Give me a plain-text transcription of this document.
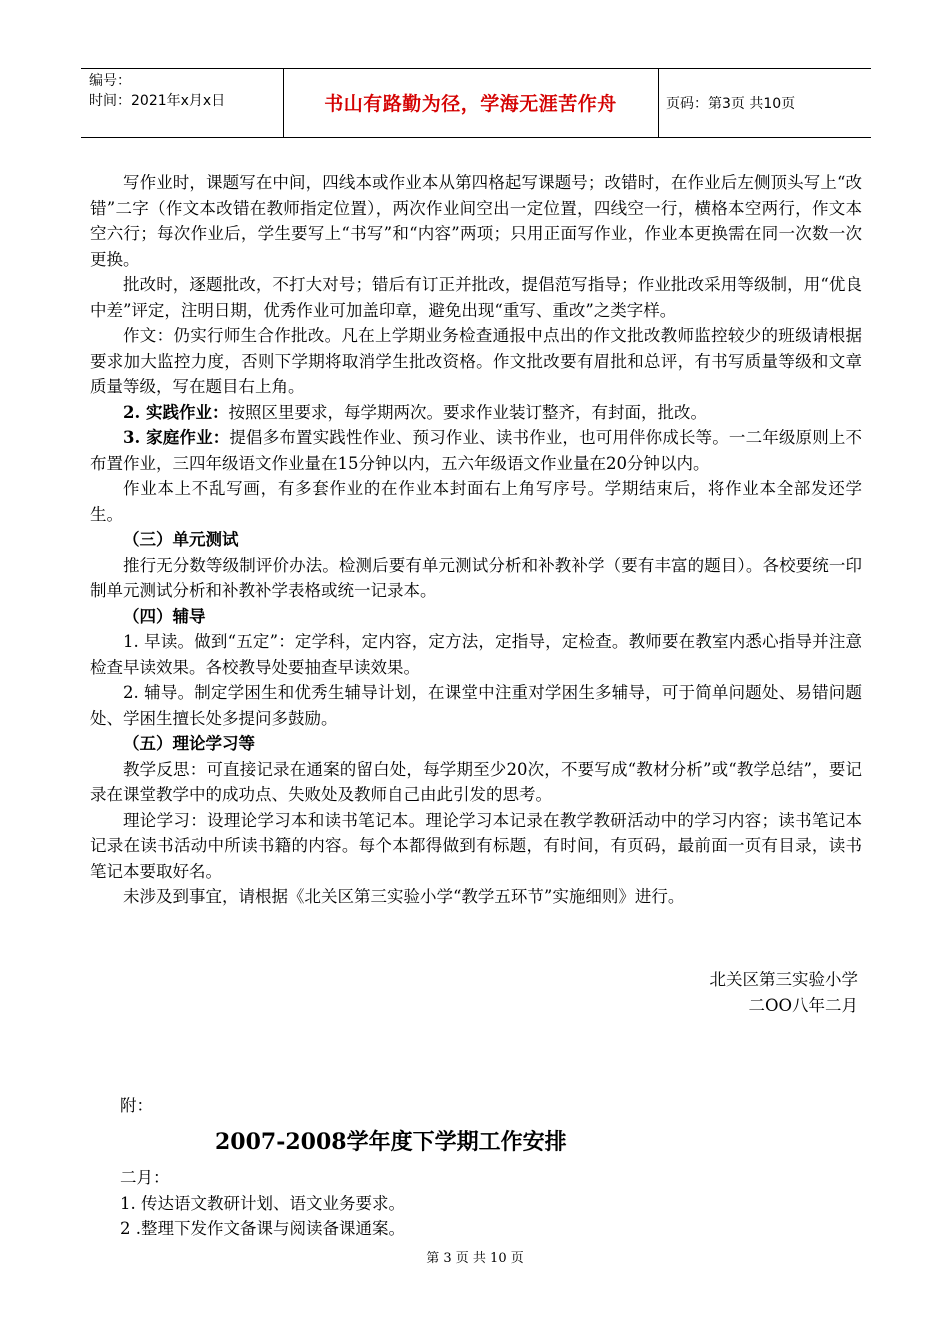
编号：
时间：2021年x月x日	书山有路勤为径，学海无涯苦作舟	页码：第3页 共10页

写作业时，课题写在中间，四线本或作业本从第四格起写课题号；改错时，在作业后左侧顶头写上“改错”二字（作文本改错在教师指定位置），两次作业间空出一定位置，四线空一行，横格本空两行，作文本空六行；每次作业后，学生要写上“书写”和“内容”两项；只用正面写作业，作业本更换需在同一次数一次更换。

批改时，逐题批改，不打大对号；错后有订正并批改，提倡范写指导；作业批改采用等级制，用“优良中差”评定，注明日期，优秀作业可加盖印章，避免出现“重写、重改”之类字样。

作文：仍实行师生合作批改。凡在上学期业务检查通报中点出的作文批改教师监控较少的班级请根据要求加大监控力度，否则下学期将取消学生批改资格。作文批改要有眉批和总评，有书写质量等级和文章质量等级，写在题目右上角。

2. 实践作业：按照区里要求，每学期两次。要求作业装订整齐，有封面，批改。

3. 家庭作业：提倡多布置实践性作业、预习作业、读书作业，也可用伴你成长等。一二年级原则上不布置作业，三四年级语文作业量在15分钟以内，五六年级语文作业量在20分钟以内。

作业本上不乱写画，有多套作业的在作业本封面右上角写序号。学期结束后，将作业本全部发还学生。

（三）单元测试

推行无分数等级制评价办法。检测后要有单元测试分析和补教补学（要有丰富的题目）。各校要统一印制单元测试分析和补教补学表格或统一记录本。

（四）辅导

1. 早读。做到“五定”：定学科，定内容，定方法，定指导，定检查。教师要在教室内悉心指导并注意检查早读效果。各校教导处要抽查早读效果。

2. 辅导。制定学困生和优秀生辅导计划，在课堂中注重对学困生多辅导，可于简单问题处、易错问题处、学困生擅长处多提问多鼓励。

（五）理论学习等

教学反思：可直接记录在通案的留白处，每学期至少20次，不要写成“教材分析”或“教学总结”，要记录在课堂教学中的成功点、失败处及教师自己由此引发的思考。

理论学习：设理论学习本和读书笔记本。理论学习本记录在教学教研活动中的学习内容；读书笔记本记录在读书活动中所读书籍的内容。每个本都得做到有标题，有时间，有页码，最前面一页有目录，读书笔记本要取好名。

未涉及到事宜，请根据《北关区第三实验小学“教学五环节”实施细则》进行。

北关区第三实验小学
二OO八年二月
附：
2007-2008学年度下学期工作安排
二月：
1. 传达语文教研计划、语文业务要求。
2 .整理下发作文备课与阅读备课通案。
第 3 页 共 10 页
